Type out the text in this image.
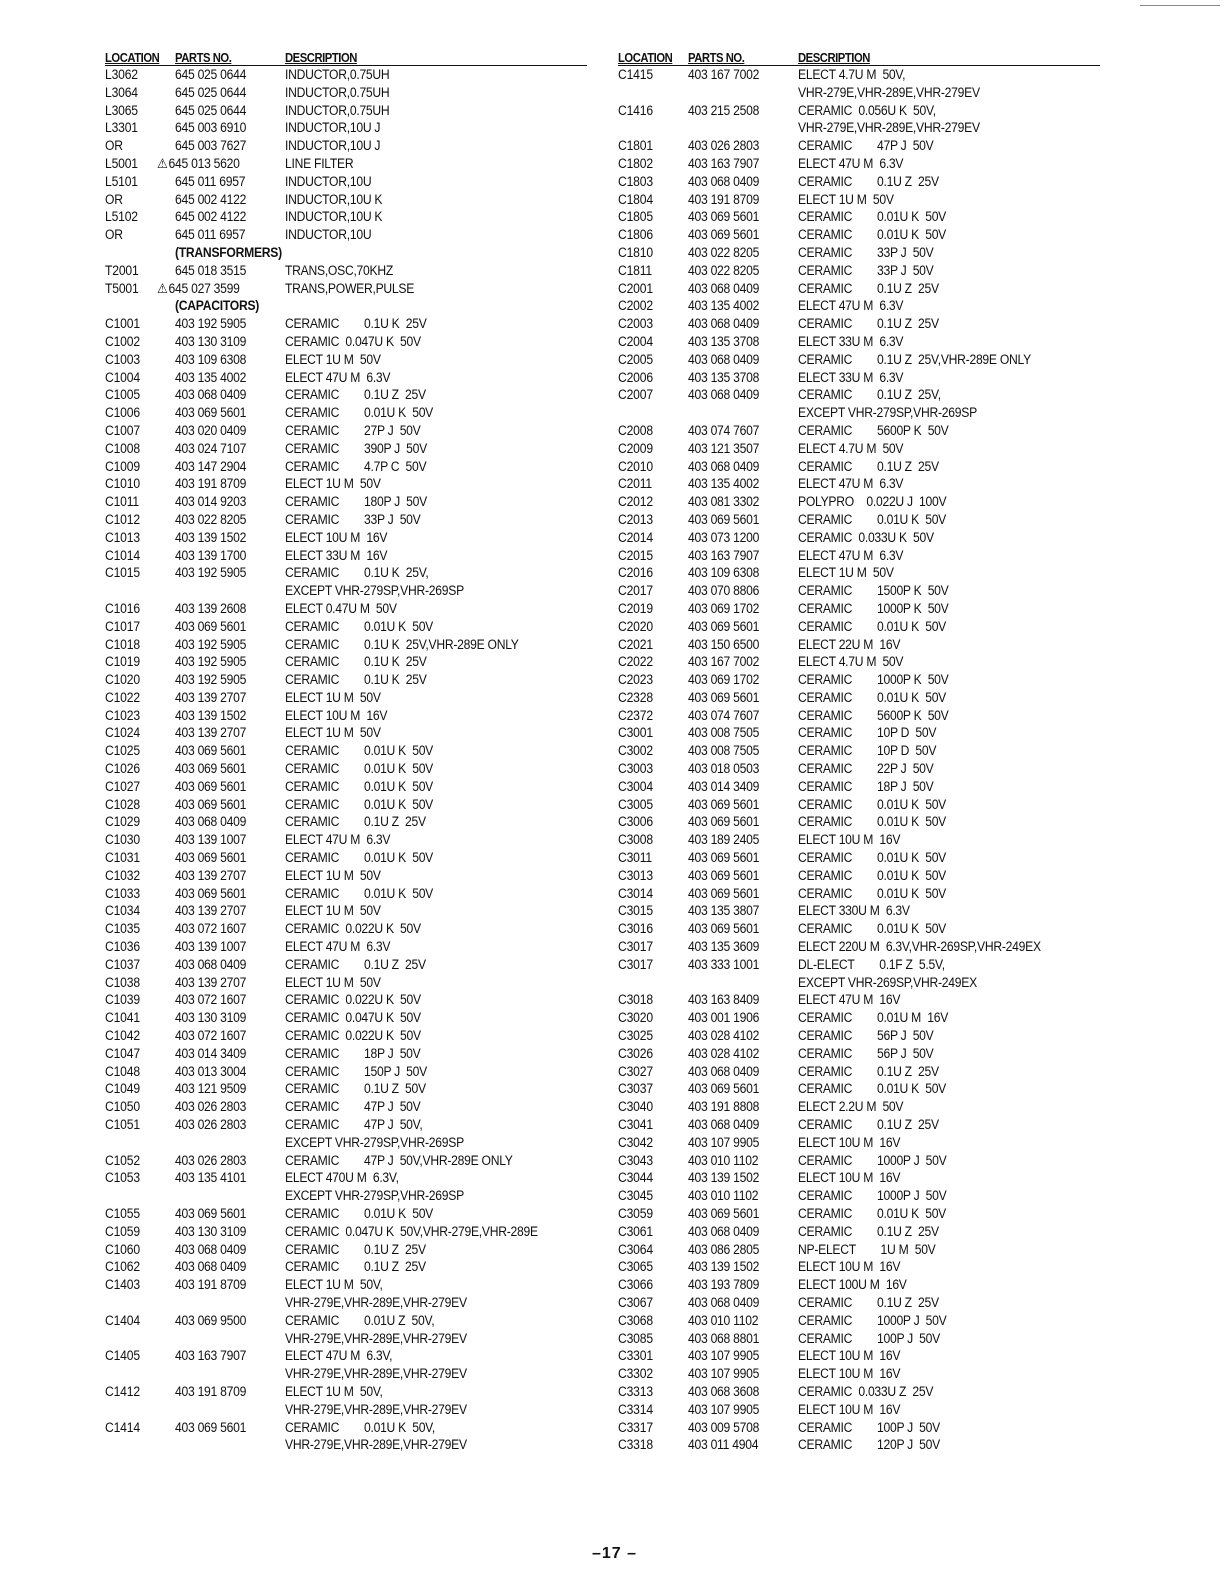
LOCATION	PARTS NO.	DESCRIPTION
L3062	645 025 0644	INDUCTOR,0.75UH
L3064	645 025 0644	INDUCTOR,0.75UH
L3065	645 025 0644	INDUCTOR,0.75UH
L3301	645 003 6910	INDUCTOR,10U J
OR	645 003 7627	INDUCTOR,10U J
L5001	⚠645 013 5620	LINE FILTER
L5101	645 011 6957	INDUCTOR,10U
OR	645 002 4122	INDUCTOR,10U K
L5102	645 002 4122	INDUCTOR,10U K
OR	645 011 6957	INDUCTOR,10U
(TRANSFORMERS)
T2001	645 018 3515	TRANS,OSC,70KHZ
T5001	⚠645 027 3599	TRANS,POWER,PULSE
(CAPACITORS)
C1001	403 192 5905	CERAMIC        0.1U K  25V
C1002	403 130 3109	CERAMIC  0.047U K  50V
C1003	403 109 6308	ELECT 1U M  50V
C1004	403 135 4002	ELECT 47U M  6.3V
C1005	403 068 0409	CERAMIC        0.1U Z  25V
C1006	403 069 5601	CERAMIC        0.01U K  50V
C1007	403 020 0409	CERAMIC        27P J  50V
C1008	403 024 7107	CERAMIC        390P J  50V
C1009	403 147 2904	CERAMIC        4.7P C  50V
C1010	403 191 8709	ELECT 1U M  50V
C1011	403 014 9203	CERAMIC        180P J  50V
C1012	403 022 8205	CERAMIC        33P J  50V
C1013	403 139 1502	ELECT 10U M  16V
C1014	403 139 1700	ELECT 33U M  16V
C1015	403 192 5905	CERAMIC        0.1U K  25V,
EXCEPT VHR-279SP,VHR-269SP
C1016	403 139 2608	ELECT 0.47U M  50V
C1017	403 069 5601	CERAMIC        0.01U K  50V
C1018	403 192 5905	CERAMIC        0.1U K  25V,VHR-289E ONLY
C1019	403 192 5905	CERAMIC        0.1U K  25V
C1020	403 192 5905	CERAMIC        0.1U K  25V
C1022	403 139 2707	ELECT 1U M  50V
C1023	403 139 1502	ELECT 10U M  16V
C1024	403 139 2707	ELECT 1U M  50V
C1025	403 069 5601	CERAMIC        0.01U K  50V
C1026	403 069 5601	CERAMIC        0.01U K  50V
C1027	403 069 5601	CERAMIC        0.01U K  50V
C1028	403 069 5601	CERAMIC        0.01U K  50V
C1029	403 068 0409	CERAMIC        0.1U Z  25V
C1030	403 139 1007	ELECT 47U M  6.3V
C1031	403 069 5601	CERAMIC        0.01U K  50V
C1032	403 139 2707	ELECT 1U M  50V
C1033	403 069 5601	CERAMIC        0.01U K  50V
C1034	403 139 2707	ELECT 1U M  50V
C1035	403 072 1607	CERAMIC  0.022U K  50V
C1036	403 139 1007	ELECT 47U M  6.3V
C1037	403 068 0409	CERAMIC        0.1U Z  25V
C1038	403 139 2707	ELECT 1U M  50V
C1039	403 072 1607	CERAMIC  0.022U K  50V
C1041	403 130 3109	CERAMIC  0.047U K  50V
C1042	403 072 1607	CERAMIC  0.022U K  50V
C1047	403 014 3409	CERAMIC        18P J  50V
C1048	403 013 3004	CERAMIC        150P J  50V
C1049	403 121 9509	CERAMIC        0.1U Z  50V
C1050	403 026 2803	CERAMIC        47P J  50V
C1051	403 026 2803	CERAMIC        47P J  50V,
EXCEPT VHR-279SP,VHR-269SP
C1052	403 026 2803	CERAMIC        47P J  50V,VHR-289E ONLY
C1053	403 135 4101	ELECT 470U M  6.3V,
EXCEPT VHR-279SP,VHR-269SP
C1055	403 069 5601	CERAMIC        0.01U K  50V
C1059	403 130 3109	CERAMIC  0.047U K  50V,VHR-279E,VHR-289E
C1060	403 068 0409	CERAMIC        0.1U Z  25V
C1062	403 068 0409	CERAMIC        0.1U Z  25V
C1403	403 191 8709	ELECT 1U M  50V,
VHR-279E,VHR-289E,VHR-279EV
C1404	403 069 9500	CERAMIC        0.01U Z  50V,
VHR-279E,VHR-289E,VHR-279EV
C1405	403 163 7907	ELECT 47U M  6.3V,
VHR-279E,VHR-289E,VHR-279EV
C1412	403 191 8709	ELECT 1U M  50V,
VHR-279E,VHR-289E,VHR-279EV
C1414	403 069 5601	CERAMIC        0.01U K  50V,
VHR-279E,VHR-289E,VHR-279EV
LOCATION	PARTS NO.	DESCRIPTION
C1415	403 167 7002	ELECT 4.7U M  50V,
VHR-279E,VHR-289E,VHR-279EV
C1416	403 215 2508	CERAMIC  0.056U K  50V,
VHR-279E,VHR-289E,VHR-279EV
C1801	403 026 2803	CERAMIC        47P J  50V
C1802	403 163 7907	ELECT 47U M  6.3V
C1803	403 068 0409	CERAMIC        0.1U Z  25V
C1804	403 191 8709	ELECT 1U M  50V
C1805	403 069 5601	CERAMIC        0.01U K  50V
C1806	403 069 5601	CERAMIC        0.01U K  50V
C1810	403 022 8205	CERAMIC        33P J  50V
C1811	403 022 8205	CERAMIC        33P J  50V
C2001	403 068 0409	CERAMIC        0.1U Z  25V
C2002	403 135 4002	ELECT 47U M  6.3V
C2003	403 068 0409	CERAMIC        0.1U Z  25V
C2004	403 135 3708	ELECT 33U M  6.3V
C2005	403 068 0409	CERAMIC        0.1U Z  25V,VHR-289E ONLY
C2006	403 135 3708	ELECT 33U M  6.3V
C2007	403 068 0409	CERAMIC        0.1U Z  25V,
EXCEPT VHR-279SP,VHR-269SP
C2008	403 074 7607	CERAMIC        5600P K  50V
C2009	403 121 3507	ELECT 4.7U M  50V
C2010	403 068 0409	CERAMIC        0.1U Z  25V
C2011	403 135 4002	ELECT 47U M  6.3V
C2012	403 081 3302	POLYPRO    0.022U J  100V
C2013	403 069 5601	CERAMIC        0.01U K  50V
C2014	403 073 1200	CERAMIC  0.033U K  50V
C2015	403 163 7907	ELECT 47U M  6.3V
C2016	403 109 6308	ELECT 1U M  50V
C2017	403 070 8806	CERAMIC        1500P K  50V
C2019	403 069 1702	CERAMIC        1000P K  50V
C2020	403 069 5601	CERAMIC        0.01U K  50V
C2021	403 150 6500	ELECT 22U M  16V
C2022	403 167 7002	ELECT 4.7U M  50V
C2023	403 069 1702	CERAMIC        1000P K  50V
C2328	403 069 5601	CERAMIC        0.01U K  50V
C2372	403 074 7607	CERAMIC        5600P K  50V
C3001	403 008 7505	CERAMIC        10P D  50V
C3002	403 008 7505	CERAMIC        10P D  50V
C3003	403 018 0503	CERAMIC        22P J  50V
C3004	403 014 3409	CERAMIC        18P J  50V
C3005	403 069 5601	CERAMIC        0.01U K  50V
C3006	403 069 5601	CERAMIC        0.01U K  50V
C3008	403 189 2405	ELECT 10U M  16V
C3011	403 069 5601	CERAMIC        0.01U K  50V
C3013	403 069 5601	CERAMIC        0.01U K  50V
C3014	403 069 5601	CERAMIC        0.01U K  50V
C3015	403 135 3807	ELECT 330U M  6.3V
C3016	403 069 5601	CERAMIC        0.01U K  50V
C3017	403 135 3609	ELECT 220U M  6.3V,VHR-269SP,VHR-249EX
C3017	403 333 1001	DL-ELECT        0.1F Z  5.5V,
EXCEPT VHR-269SP,VHR-249EX
C3018	403 163 8409	ELECT 47U M  16V
C3020	403 001 1906	CERAMIC        0.01U M  16V
C3025	403 028 4102	CERAMIC        56P J  50V
C3026	403 028 4102	CERAMIC        56P J  50V
C3027	403 068 0409	CERAMIC        0.1U Z  25V
C3037	403 069 5601	CERAMIC        0.01U K  50V
C3040	403 191 8808	ELECT 2.2U M  50V
C3041	403 068 0409	CERAMIC        0.1U Z  25V
C3042	403 107 9905	ELECT 10U M  16V
C3043	403 010 1102	CERAMIC        1000P J  50V
C3044	403 139 1502	ELECT 10U M  16V
C3045	403 010 1102	CERAMIC        1000P J  50V
C3059	403 069 5601	CERAMIC        0.01U K  50V
C3061	403 068 0409	CERAMIC        0.1U Z  25V
C3064	403 086 2805	NP-ELECT        1U M  50V
C3065	403 139 1502	ELECT 10U M  16V
C3066	403 193 7809	ELECT 100U M  16V
C3067	403 068 0409	CERAMIC        0.1U Z  25V
C3068	403 010 1102	CERAMIC        1000P J  50V
C3085	403 068 8801	CERAMIC        100P J  50V
C3301	403 107 9905	ELECT 10U M  16V
C3302	403 107 9905	ELECT 10U M  16V
C3313	403 068 3608	CERAMIC  0.033U Z  25V
C3314	403 107 9905	ELECT 10U M  16V
C3317	403 009 5708	CERAMIC        100P J  50V
C3318	403 011 4904	CERAMIC        120P J  50V
–17 –
